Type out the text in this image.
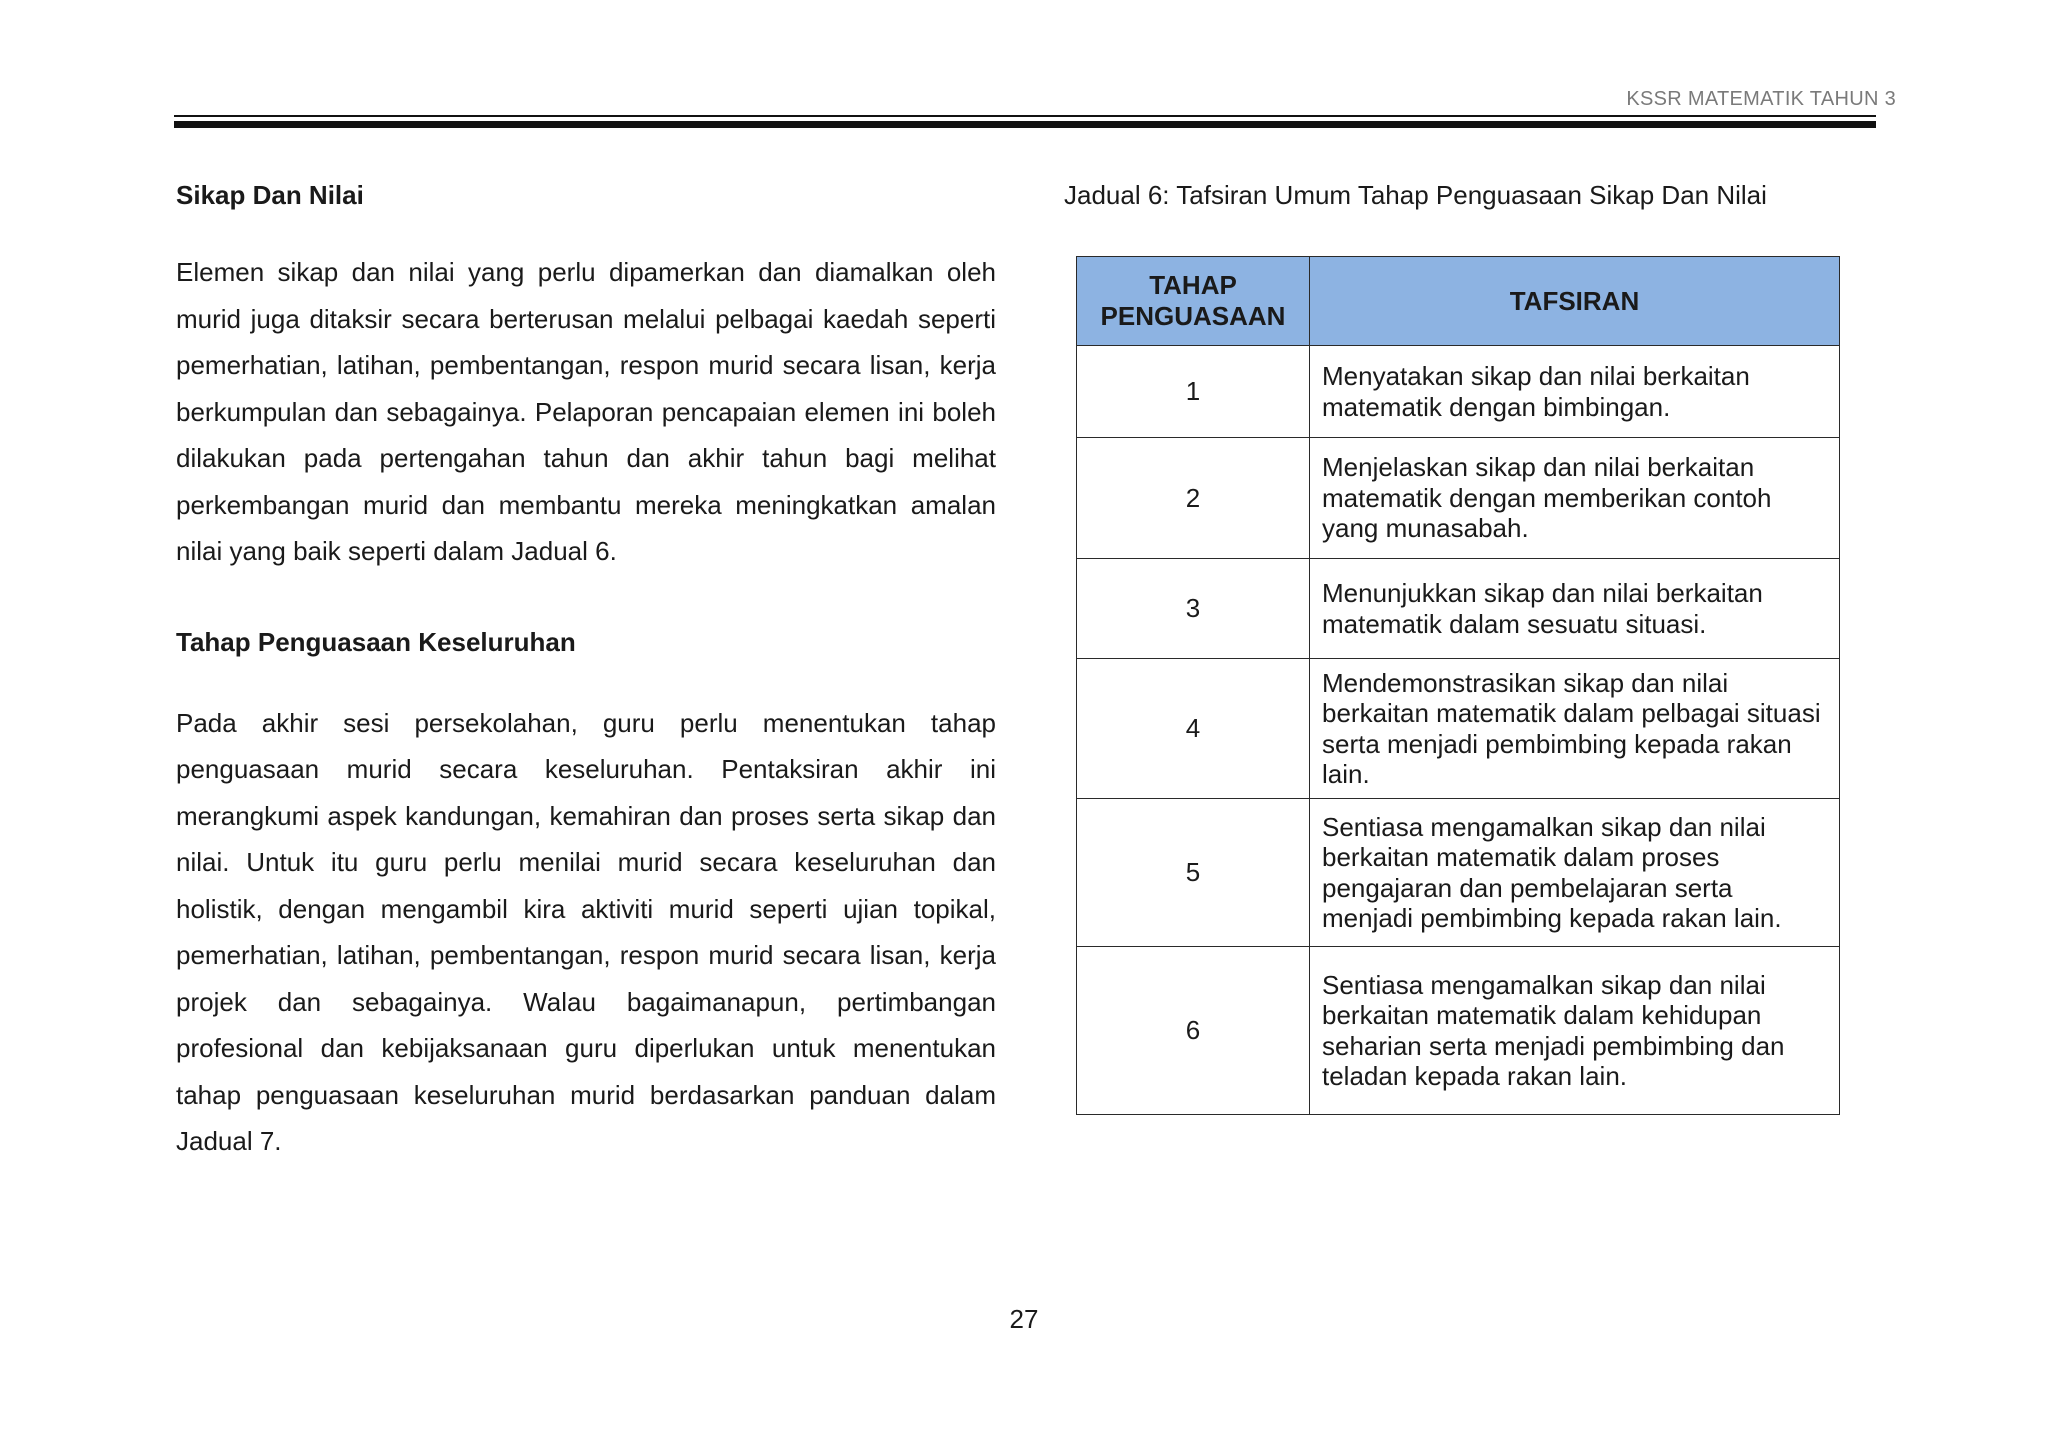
KSSR MATEMATIK TAHUN 3

Sikap Dan Nilai

Elemen sikap dan nilai yang perlu dipamerkan dan diamalkan oleh murid juga ditaksir secara berterusan melalui pelbagai kaedah seperti pemerhatian, latihan, pembentangan, respon murid secara lisan, kerja berkumpulan dan sebagainya. Pelaporan pencapaian elemen ini boleh dilakukan pada pertengahan tahun dan akhir tahun bagi melihat perkembangan murid dan membantu mereka meningkatkan amalan nilai yang baik seperti dalam Jadual 6.

Tahap Penguasaan Keseluruhan

Pada akhir sesi persekolahan, guru perlu menentukan tahap penguasaan murid secara keseluruhan. Pentaksiran akhir ini merangkumi aspek kandungan, kemahiran dan proses serta sikap dan nilai. Untuk itu guru perlu menilai murid secara keseluruhan dan holistik, dengan mengambil kira aktiviti murid seperti ujian topikal, pemerhatian, latihan, pembentangan, respon murid secara lisan, kerja projek dan sebagainya. Walau bagaimanapun, pertimbangan profesional dan kebijaksanaan guru diperlukan untuk menentukan tahap penguasaan keseluruhan murid berdasarkan panduan dalam Jadual 7.

Jadual 6: Tafsiran Umum Tahap Penguasaan Sikap Dan Nilai

TAHAP PENGUASAAN	TAFSIRAN
1	Menyatakan sikap dan nilai berkaitan matematik dengan bimbingan.
2	Menjelaskan sikap dan nilai berkaitan matematik dengan memberikan contoh yang munasabah.
3	Menunjukkan sikap dan nilai berkaitan matematik dalam sesuatu situasi.
4	Mendemonstrasikan sikap dan nilai berkaitan matematik dalam pelbagai situasi serta menjadi pembimbing kepada rakan lain.
5	Sentiasa mengamalkan sikap dan nilai berkaitan matematik dalam proses pengajaran dan pembelajaran serta menjadi pembimbing kepada rakan lain.
6	Sentiasa mengamalkan sikap dan nilai berkaitan matematik dalam kehidupan seharian serta menjadi pembimbing dan teladan kepada rakan lain.
27
